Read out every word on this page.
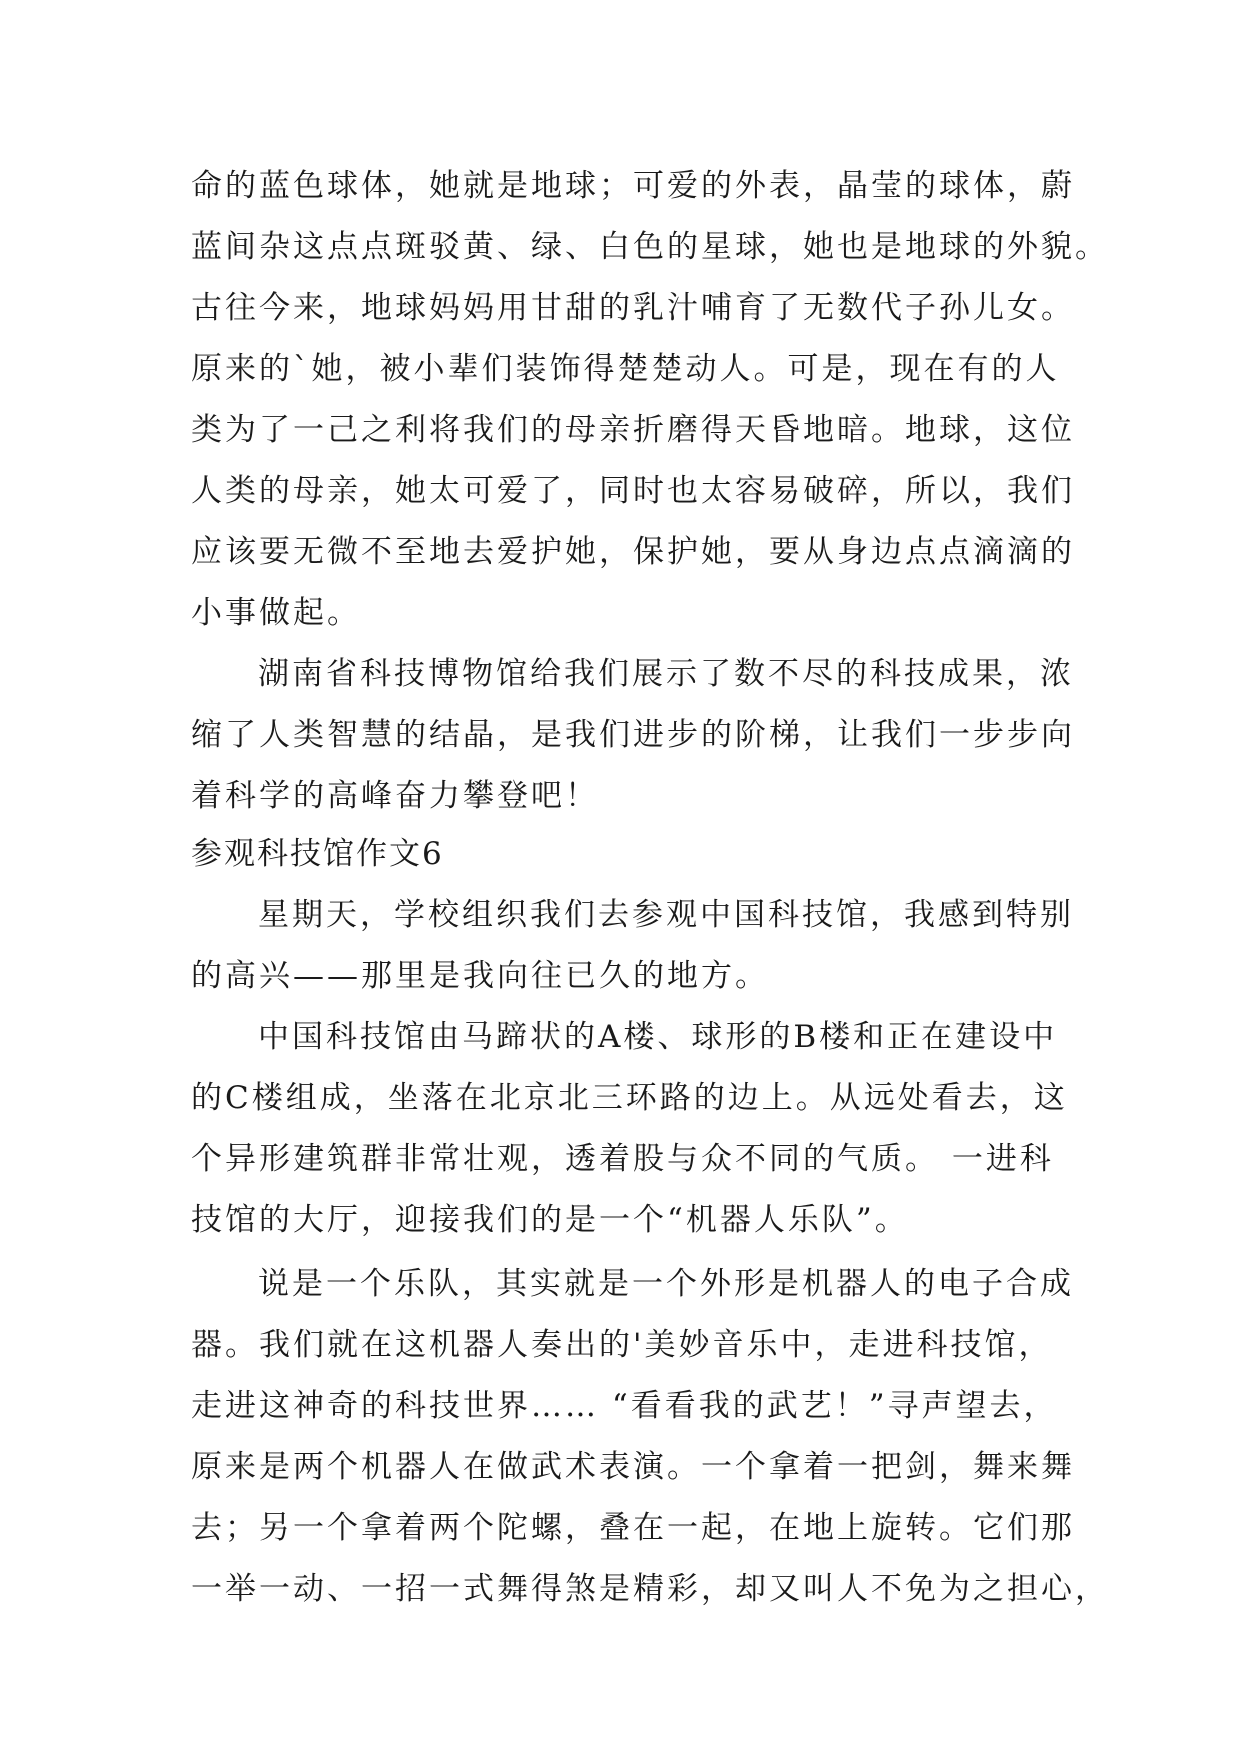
命的蓝色球体，她就是地球；可爱的外表，晶莹的球体，蔚
蓝间杂这点点斑驳黄、绿、白色的星球，她也是地球的外貌。
古往今来，地球妈妈用甘甜的乳汁哺育了无数代子孙儿女。
原来的`她，被小辈们装饰得楚楚动人。可是，现在有的人
类为了一己之利将我们的母亲折磨得天昏地暗。地球，这位
人类的母亲，她太可爱了，同时也太容易破碎，所以，我们
应该要无微不至地去爱护她，保护她，要从身边点点滴滴的
小事做起。
湖南省科技博物馆给我们展示了数不尽的科技成果，浓
缩了人类智慧的结晶，是我们进步的阶梯，让我们一步步向
着科学的高峰奋力攀登吧！
参观科技馆作文6
星期天，学校组织我们去参观中国科技馆，我感到特别
的高兴——那里是我向往已久的地方。
中国科技馆由马蹄状的A楼、球形的B楼和正在建设中
的C楼组成，坐落在北京北三环路的边上。从远处看去，这
个异形建筑群非常壮观，透着股与众不同的气质。 一进科
技馆的大厅，迎接我们的是一个“机器人乐队”。
说是一个乐队，其实就是一个外形是机器人的电子合成
器。我们就在这机器人奏出的'美妙音乐中，走进科技馆，
走进这神奇的科技世界…… “看看我的武艺！”寻声望去，
原来是两个机器人在做武术表演。一个拿着一把剑，舞来舞
去；另一个拿着两个陀螺，叠在一起，在地上旋转。它们那
一举一动、一招一式舞得煞是精彩，却又叫人不免为之担心，
